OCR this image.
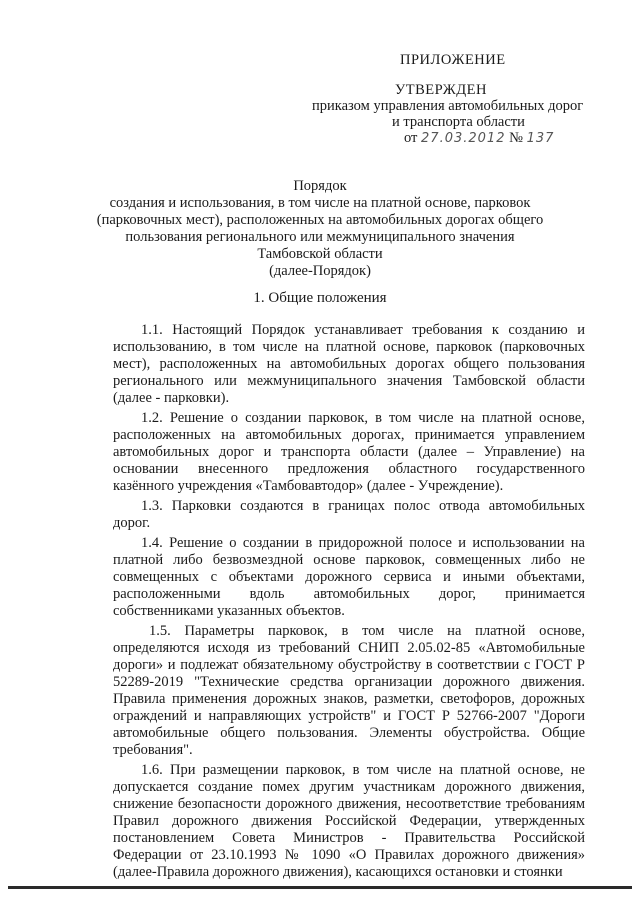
ПРИЛОЖЕНИЕ
УТВЕРЖДЕН
приказом управления автомобильных дорог
и транспорта области
от 27.03.2012 № 137
Порядок
создания и использования, в том числе на платной основе, парковок
(парковочных мест), расположенных на автомобильных дорогах общего
пользования регионального или межмуниципального значения
Тамбовской области
(далее-Порядок)
1. Общие положения

1.1. Настоящий Порядок устанавливает требования к созданию и использованию, в том числе на платной основе, парковок (парковочных мест), расположенных на автомобильных дорогах общего пользования регионального или межмуниципального значения Тамбовской области (далее - парковки).

1.2. Решение о создании парковок, в том числе на платной основе, расположенных на автомобильных дорогах, принимается управлением автомобильных дорог и транспорта области (далее – Управление) на основании внесенного предложения областного государственного казённого учреждения «Тамбовавтодор» (далее - Учреждение).

1.3. Парковки создаются в границах полос отвода автомобильных дорог.

1.4. Решение о создании в придорожной полосе и использовании на платной либо безвозмездной основе парковок, совмещенных либо не совмещенных с объектами дорожного сервиса и иными объектами, расположенными вдоль автомобильных дорог, принимается собственниками указанных объектов.

1.5. Параметры парковок, в том числе на платной основе, определяются исходя из требований СНИП 2.05.02-85 «Автомобильные дороги» и подлежат обязательному обустройству в соответствии с ГОСТ Р 52289-2019 "Технические средства организации дорожного движения. Правила применения дорожных знаков, разметки, светофоров, дорожных ограждений и направляющих устройств" и ГОСТ Р 52766-2007 "Дороги автомобильные общего пользования. Элементы обустройства. Общие требования".

1.6. При размещении парковок, в том числе на платной основе, не допускается создание помех другим участникам дорожного движения, снижение безопасности дорожного движения, несоответствие требованиям Правил дорожного движения Российской Федерации, утвержденных постановлением Совета Министров - Правительства Российской Федерации от 23.10.1993 № 1090 «О Правилах дорожного движения» (далее-Правила дорожного движения), касающихся остановки и стоянки
